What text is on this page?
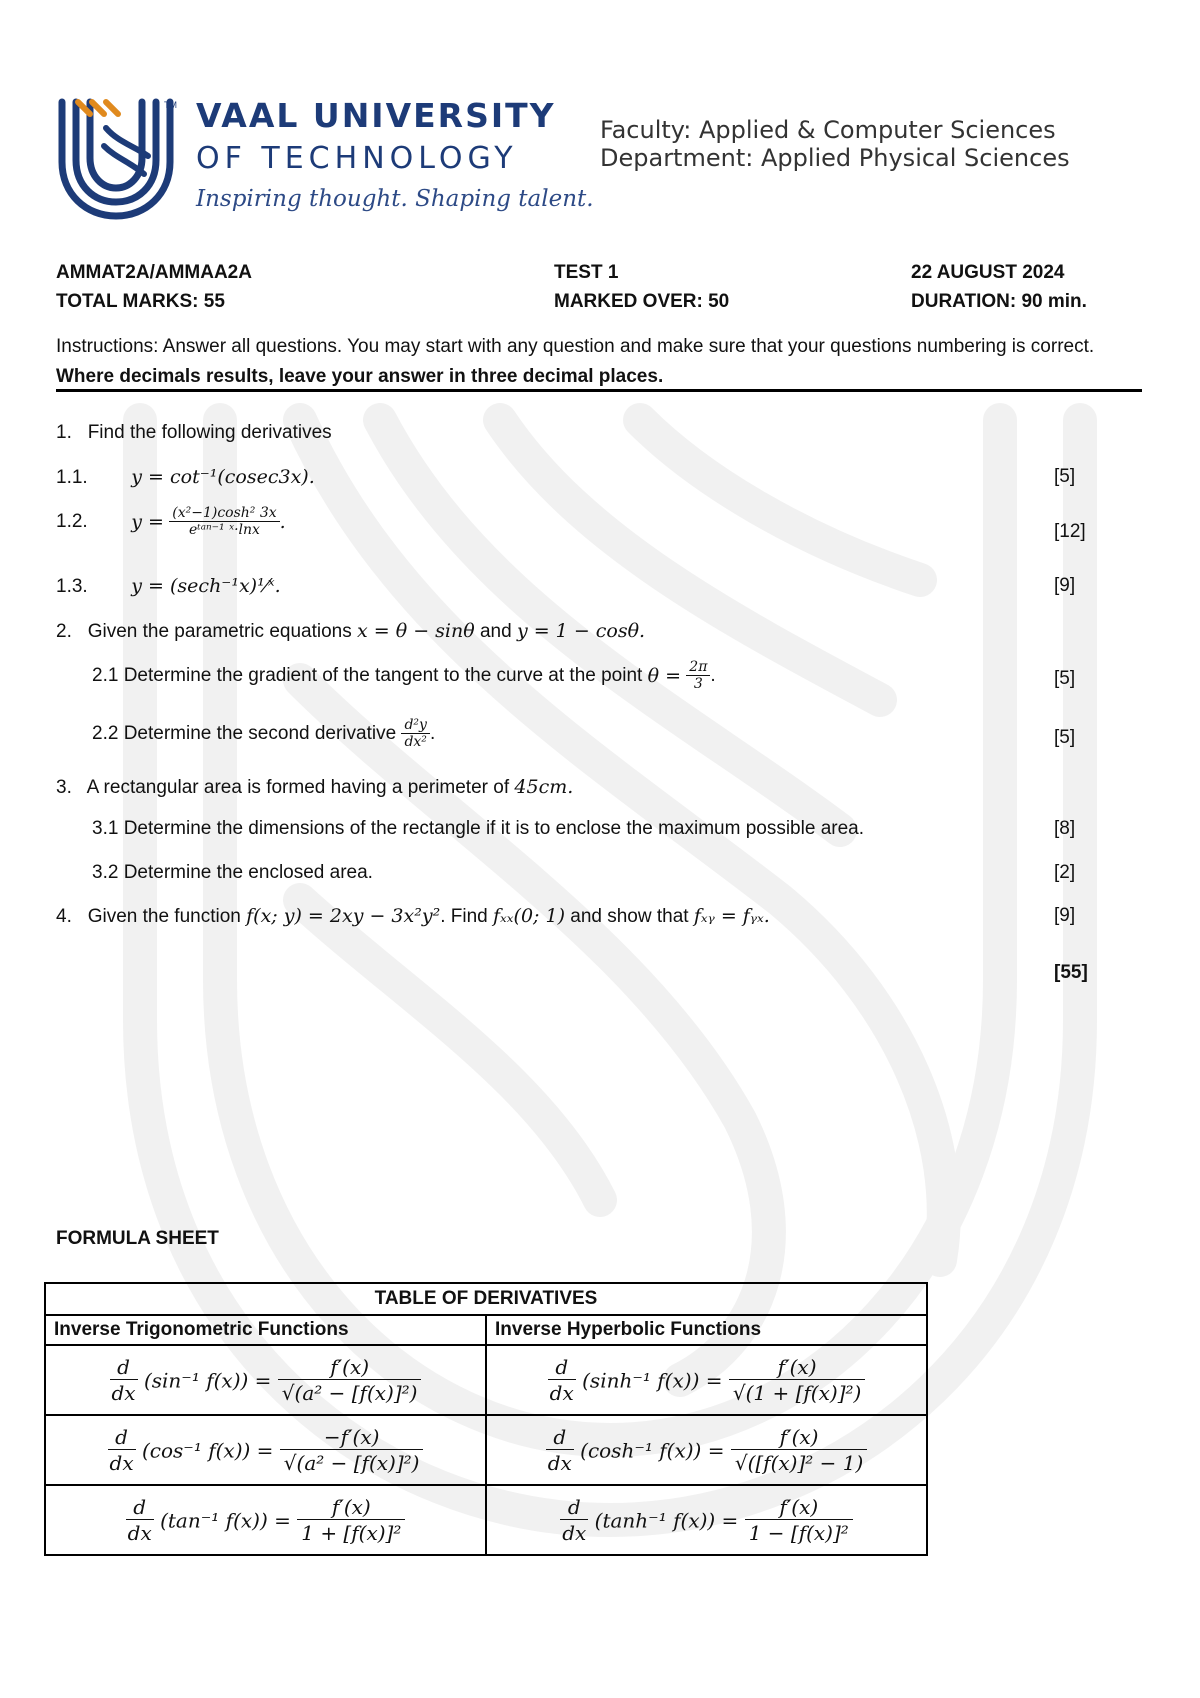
TM VAAL UNIVERSITY
OF TECHNOLOGY
Inspiring thought. Shaping talent.
Faculty: Applied & Computer Sciences
Department: Applied Physical Sciences
AMMAT2A/AMMAA2A	TEST 1	22 AUGUST 2024
TOTAL MARKS: 55	MARKED OVER: 50	DURATION: 90 min.
Instructions: Answer all questions. You may start with any question and make sure that your questions numbering is correct. Where decimals results, leave your answer in three decimal places.
1. Find the following derivatives
1.1. y = cot⁻¹(cosec3x).	[5]
1.2. $y = \frac{\text{(x²−1)cosh² 3x}}{\text{eᵗᵃⁿ⁻¹ ˣ·lnx}}$ .	[12]
1.3. y = (sech⁻¹x)¹⁄ˣ.	[9]
2. Given the parametric equations x = θ − sinθ and y = 1 − cosθ.
2.1 Determine the gradient of the tangent to the curve at the point $\theta = \frac{2\pi}{3}$ .	[5]
2.2 Determine the second derivative $\frac{\text{d²y}}{\text{dx²}}$ .	[5]
3. A rectangular area is formed having a perimeter of 45cm.
3.1 Determine the dimensions of the rectangle if it is to enclose the maximum possible area.	[8]
3.2 Determine the enclosed area.	[2]
4. Given the function f(x; y) = 2xy − 3x²y². Find fₓₓ(0; 1) and show that fₓᵧ = fᵧₓ.	[9]
[55]
FORMULA SHEET
TABLE OF DERIVATIVES	
Inverse Trigonometric Functions	Inverse Hyperbolic Functions

$\frac{d}{dx} (\sin^{-1}$ $f(x)) = \frac{f'(x)}{\text{√(a² − [f(x)]²)}}$	$\frac{d}{dx} (\sinh^{-1}$ $f(x)) = \frac{f'(x)}{\text{√(1 + [f(x)]²)}}$

$\frac{d}{dx} (\cos^{-1}$ $f(x)) = \frac{-f'(x)}{\text{√(a² − [f(x)]²)}}$	$\frac{d}{dx} (\cosh^{-1}$ $f(x)) = \frac{f'(x)}{\text{√([f(x)]² − 1)}}$

$\frac{d}{dx} (\tan^{-1}$ $f(x)) = \frac{f'(x)}{\text{1 + [f(x)]²}}$	$\frac{d}{dx} (\tanh^{-1}$ $f(x)) = \frac{f'(x)}{\text{1 − [f(x)]²}}$
